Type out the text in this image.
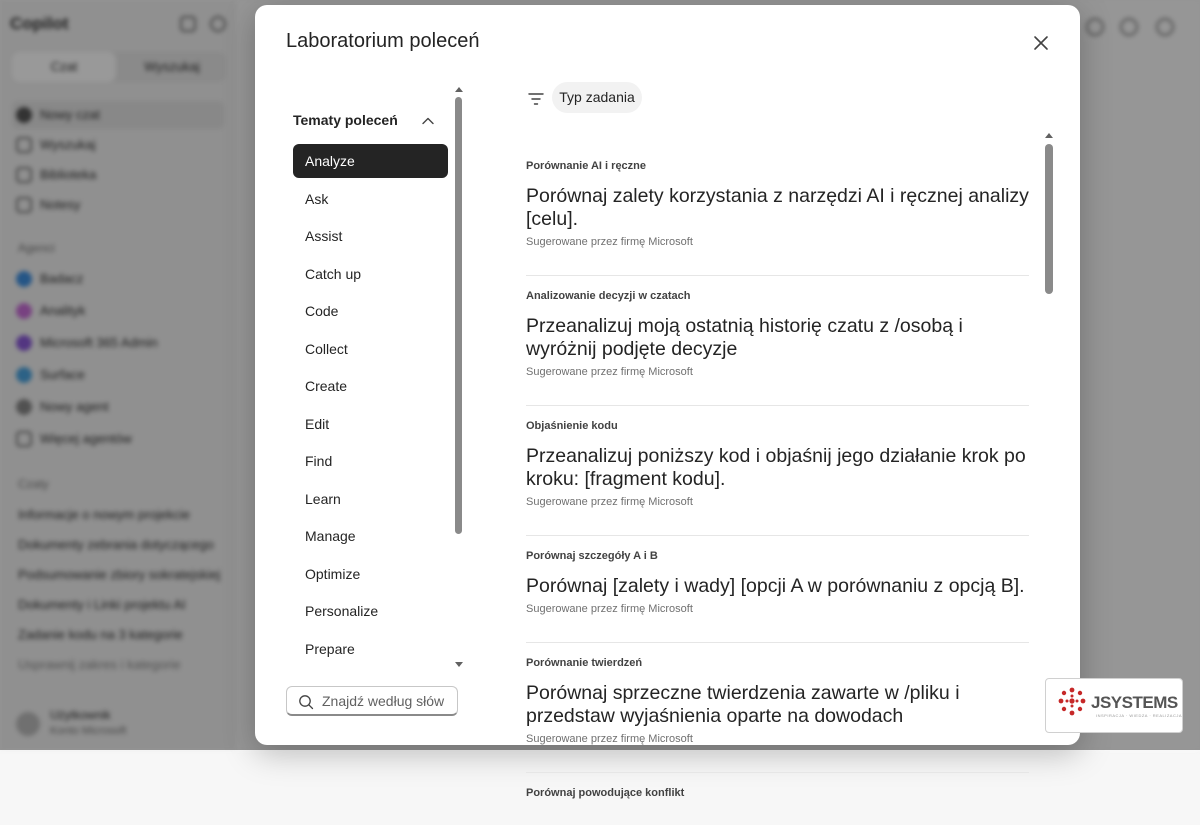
Copilot
Czat	Wyszukaj
Nowy czat
Wyszukaj
Biblioteka
Notesy
Agenci
Badacz
Analityk
Microsoft 365 Admin
Surface
Nowy agent
Więcej agentów
Czaty
Informacje o nowym projekcie
Dokumenty zebrania dotyczącego
Podsumowanie zbiory sokratejskiej
Dokumenty i Linki projektu AI
Zadanie kodu na 3 kategorie
Usprawnij zakres i kategorie
Użytkownik
Konto Microsoft
Laboratorium poleceń
Tematy poleceń
Analyze
Ask
Assist
Catch up
Code
Collect
Create
Edit
Find
Learn
Manage
Optimize
Personalize
Prepare
Znajdź według słów
Typ zadania
Porównanie AI i ręczne
Porównaj zalety korzystania z narzędzi AI i ręcznej analizy [celu].
Sugerowane przez firmę Microsoft
Analizowanie decyzji w czatach
Przeanalizuj moją ostatnią historię czatu z /osobą i wyróżnij podjęte decyzje
Sugerowane przez firmę Microsoft
Objaśnienie kodu
Przeanalizuj poniższy kod i objaśnij jego działanie krok po kroku: [fragment kodu].
Sugerowane przez firmę Microsoft
Porównaj szczegóły A i B
Porównaj [zalety i wady] [opcji A w porównaniu z opcją B].
Sugerowane przez firmę Microsoft
Porównanie twierdzeń
Porównaj sprzeczne twierdzenia zawarte w /pliku i przedstaw wyjaśnienia oparte na dowodach
Sugerowane przez firmę Microsoft
Porównaj powodujące konflikt
JSYSTEMS
INSPIRACJA · WIEDZA · REALIZACJA
